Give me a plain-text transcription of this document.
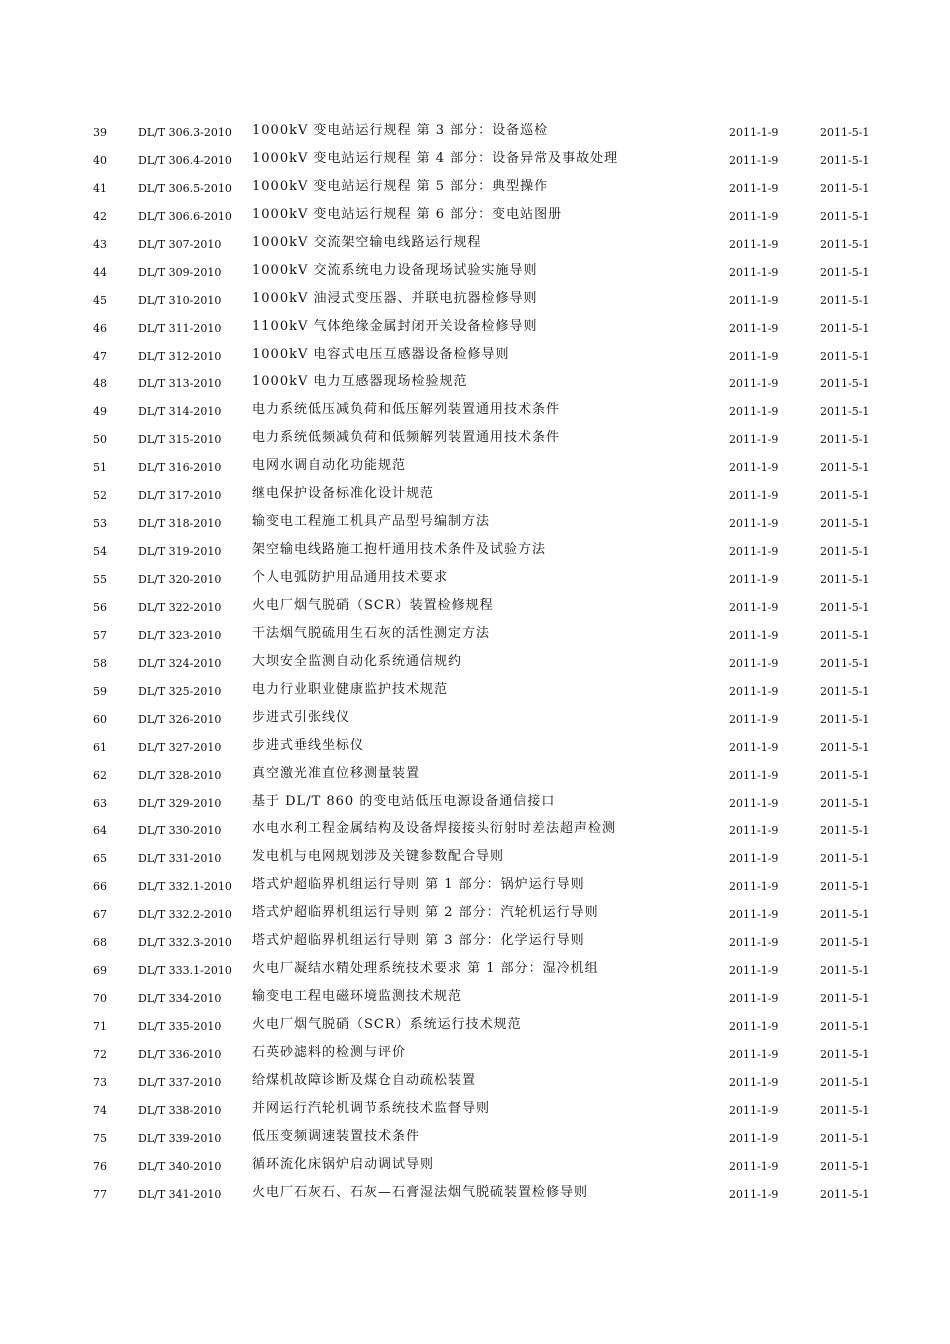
39	DL/T 306.3-2010 1000kV 变电站运行规程 第 3 部分：设备巡检	2011-1-9	2011-5-1
40	DL/T 306.4-2010 1000kV 变电站运行规程 第 4 部分：设备异常及事故处理	2011-1-9	2011-5-1
41	DL/T 306.5-2010 1000kV 变电站运行规程 第 5 部分：典型操作	2011-1-9	2011-5-1
42	DL/T 306.6-2010 1000kV 变电站运行规程 第 6 部分：变电站图册	2011-1-9	2011-5-1
43	DL/T 307-2010 1000kV 交流架空输电线路运行规程	2011-1-9	2011-5-1
44	DL/T 309-2010 1000kV 交流系统电力设备现场试验实施导则	2011-1-9	2011-5-1
45	DL/T 310-2010 1000kV 油浸式变压器、并联电抗器检修导则	2011-1-9	2011-5-1
46	DL/T 311-2010 1100kV 气体绝缘金属封闭开关设备检修导则	2011-1-9	2011-5-1
47	DL/T 312-2010 1000kV 电容式电压互感器设备检修导则	2011-1-9	2011-5-1
48	DL/T 313-2010 1000kV 电力互感器现场检验规范	2011-1-9	2011-5-1
49	DL/T 314-2010 电力系统低压减负荷和低压解列装置通用技术条件	2011-1-9	2011-5-1
50	DL/T 315-2010 电力系统低频减负荷和低频解列装置通用技术条件	2011-1-9	2011-5-1
51	DL/T 316-2010 电网水调自动化功能规范	2011-1-9	2011-5-1
52	DL/T 317-2010 继电保护设备标准化设计规范	2011-1-9	2011-5-1
53	DL/T 318-2010 输变电工程施工机具产品型号编制方法	2011-1-9	2011-5-1
54	DL/T 319-2010 架空输电线路施工抱杆通用技术条件及试验方法	2011-1-9	2011-5-1
55	DL/T 320-2010 个人电弧防护用品通用技术要求	2011-1-9	2011-5-1
56	DL/T 322-2010 火电厂烟气脱硝（SCR）装置检修规程	2011-1-9	2011-5-1
57	DL/T 323-2010 干法烟气脱硫用生石灰的活性测定方法	2011-1-9	2011-5-1
58	DL/T 324-2010 大坝安全监测自动化系统通信规约	2011-1-9	2011-5-1
59	DL/T 325-2010 电力行业职业健康监护技术规范	2011-1-9	2011-5-1
60	DL/T 326-2010 步进式引张线仪	2011-1-9	2011-5-1
61	DL/T 327-2010 步进式垂线坐标仪	2011-1-9	2011-5-1
62	DL/T 328-2010 真空激光准直位移测量装置	2011-1-9	2011-5-1
63	DL/T 329-2010 基于 DL/T 860 的变电站低压电源设备通信接口	2011-1-9	2011-5-1
64	DL/T 330-2010 水电水利工程金属结构及设备焊接接头衍射时差法超声检测	2011-1-9	2011-5-1
65	DL/T 331-2010 发电机与电网规划涉及关键参数配合导则	2011-1-9	2011-5-1
66	DL/T 332.1-2010 塔式炉超临界机组运行导则 第 1 部分：锅炉运行导则	2011-1-9	2011-5-1
67	DL/T 332.2-2010 塔式炉超临界机组运行导则 第 2 部分：汽轮机运行导则	2011-1-9	2011-5-1
68	DL/T 332.3-2010 塔式炉超临界机组运行导则 第 3 部分：化学运行导则	2011-1-9	2011-5-1
69	DL/T 333.1-2010 火电厂凝结水精处理系统技术要求 第 1 部分：湿冷机组	2011-1-9	2011-5-1
70	DL/T 334-2010 输变电工程电磁环境监测技术规范	2011-1-9	2011-5-1
71	DL/T 335-2010 火电厂烟气脱硝（SCR）系统运行技术规范	2011-1-9	2011-5-1
72	DL/T 336-2010 石英砂滤料的检测与评价	2011-1-9	2011-5-1
73	DL/T 337-2010 给煤机故障诊断及煤仓自动疏松装置	2011-1-9	2011-5-1
74	DL/T 338-2010 并网运行汽轮机调节系统技术监督导则	2011-1-9	2011-5-1
75	DL/T 339-2010 低压变频调速装置技术条件	2011-1-9	2011-5-1
76	DL/T 340-2010 循环流化床锅炉启动调试导则	2011-1-9	2011-5-1
77	DL/T 341-2010 火电厂石灰石、石灰—石膏湿法烟气脱硫装置检修导则	2011-1-9	2011-5-1
